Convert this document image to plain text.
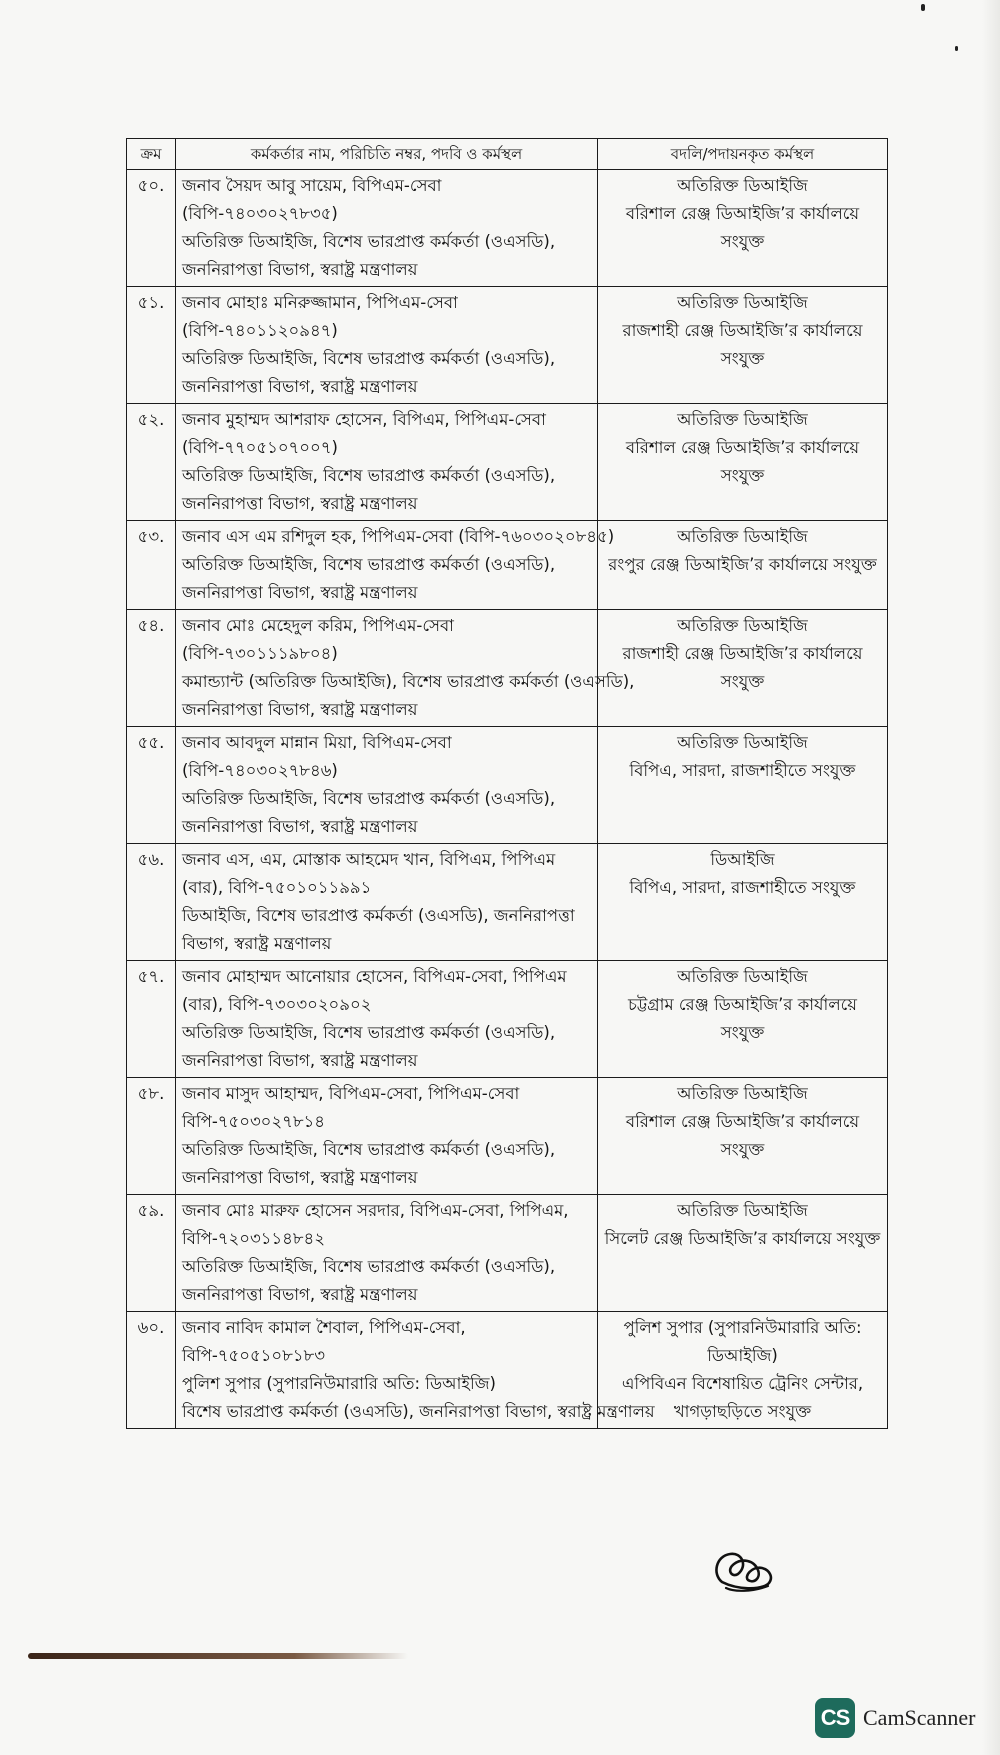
ক্রম	কর্মকর্তার নাম, পরিচিতি নম্বর, পদবি ও কর্মস্থল	বদলি/পদায়নকৃত কর্মস্থল
৫০.	জনাব সৈয়দ আবু সায়েম, বিপিএম-সেবা
(বিপি-৭৪০৩০২৭৮৩৫)
অতিরিক্ত ডিআইজি, বিশেষ ভারপ্রাপ্ত কর্মকর্তা (ওএসডি),
জননিরাপত্তা বিভাগ, স্বরাষ্ট্র মন্ত্রণালয়	অতিরিক্ত ডিআইজি
বরিশাল রেঞ্জ ডিআইজি’র কার্যালয়ে
সংযুক্ত

৫১.	জনাব মোহাঃ মনিরুজ্জামান, পিপিএম-সেবা
(বিপি-৭৪০১১২০৯৪৭)
অতিরিক্ত ডিআইজি, বিশেষ ভারপ্রাপ্ত কর্মকর্তা (ওএসডি),
জননিরাপত্তা বিভাগ, স্বরাষ্ট্র মন্ত্রণালয়	অতিরিক্ত ডিআইজি
রাজশাহী রেঞ্জ ডিআইজি’র কার্যালয়ে
সংযুক্ত

৫২.	জনাব মুহাম্মদ আশরাফ হোসেন, বিপিএম, পিপিএম-সেবা
(বিপি-৭৭০৫১০৭০০৭)
অতিরিক্ত ডিআইজি, বিশেষ ভারপ্রাপ্ত কর্মকর্তা (ওএসডি),
জননিরাপত্তা বিভাগ, স্বরাষ্ট্র মন্ত্রণালয়	অতিরিক্ত ডিআইজি
বরিশাল রেঞ্জ ডিআইজি’র কার্যালয়ে
সংযুক্ত

৫৩.	জনাব এস এম রশিদুল হক, পিপিএম-সেবা (বিপি-৭৬০৩০২০৮৪৫)
অতিরিক্ত ডিআইজি, বিশেষ ভারপ্রাপ্ত কর্মকর্তা (ওএসডি),
জননিরাপত্তা বিভাগ, স্বরাষ্ট্র মন্ত্রণালয়	অতিরিক্ত ডিআইজি
রংপুর রেঞ্জ ডিআইজি’র কার্যালয়ে সংযুক্ত

৫৪.	জনাব মোঃ মেহেদুল করিম, পিপিএম-সেবা
(বিপি-৭৩০১১১৯৮০৪)
কমান্ড্যান্ট (অতিরিক্ত ডিআইজি), বিশেষ ভারপ্রাপ্ত কর্মকর্তা (ওএসডি),
জননিরাপত্তা বিভাগ, স্বরাষ্ট্র মন্ত্রণালয়	অতিরিক্ত ডিআইজি
রাজশাহী রেঞ্জ ডিআইজি’র কার্যালয়ে
সংযুক্ত

৫৫.	জনাব আবদুল মান্নান মিয়া, বিপিএম-সেবা
(বিপি-৭৪০৩০২৭৮৪৬)
অতিরিক্ত ডিআইজি, বিশেষ ভারপ্রাপ্ত কর্মকর্তা (ওএসডি),
জননিরাপত্তা বিভাগ, স্বরাষ্ট্র মন্ত্রণালয়	অতিরিক্ত ডিআইজি
বিপিএ, সারদা, রাজশাহীতে সংযুক্ত

৫৬.	জনাব এস, এম, মোস্তাক আহমেদ খান, বিপিএম, পিপিএম
(বার), বিপি-৭৫০১০১১৯৯১
ডিআইজি, বিশেষ ভারপ্রাপ্ত কর্মকর্তা (ওএসডি), জননিরাপত্তা
বিভাগ, স্বরাষ্ট্র মন্ত্রণালয়	ডিআইজি
বিপিএ, সারদা, রাজশাহীতে সংযুক্ত

৫৭.	জনাব মোহাম্মদ আনোয়ার হোসেন, বিপিএম-সেবা, পিপিএম
(বার), বিপি-৭৩০৩০২০৯০২
অতিরিক্ত ডিআইজি, বিশেষ ভারপ্রাপ্ত কর্মকর্তা (ওএসডি),
জননিরাপত্তা বিভাগ, স্বরাষ্ট্র মন্ত্রণালয়	অতিরিক্ত ডিআইজি
চট্টগ্রাম রেঞ্জ ডিআইজি’র কার্যালয়ে সংযুক্ত

৫৮.	জনাব মাসুদ আহাম্মদ, বিপিএম-সেবা, পিপিএম-সেবা
বিপি-৭৫০৩০২৭৮১৪
অতিরিক্ত ডিআইজি, বিশেষ ভারপ্রাপ্ত কর্মকর্তা (ওএসডি),
জননিরাপত্তা বিভাগ, স্বরাষ্ট্র মন্ত্রণালয়	অতিরিক্ত ডিআইজি
বরিশাল রেঞ্জ ডিআইজি’র কার্যালয়ে
সংযুক্ত

৫৯.	জনাব মোঃ মারুফ হোসেন সরদার, বিপিএম-সেবা, পিপিএম,
বিপি-৭২০৩১১৪৮৪২
অতিরিক্ত ডিআইজি, বিশেষ ভারপ্রাপ্ত কর্মকর্তা (ওএসডি),
জননিরাপত্তা বিভাগ, স্বরাষ্ট্র মন্ত্রণালয়	অতিরিক্ত ডিআইজি
সিলেট রেঞ্জ ডিআইজি’র কার্যালয়ে সংযুক্ত

৬০.	জনাব নাবিদ কামাল শৈবাল, পিপিএম-সেবা,
বিপি-৭৫০৫১০৮১৮৩
পুলিশ সুপার (সুপারনিউমারারি অতি: ডিআইজি)
বিশেষ ভারপ্রাপ্ত কর্মকর্তা (ওএসডি), জননিরাপত্তা বিভাগ, স্বরাষ্ট্র মন্ত্রণালয়	পুলিশ সুপার (সুপারনিউমারারি অতি:
ডিআইজি)
এপিবিএন বিশেষায়িত ট্রেনিং সেন্টার,
খাগড়াছড়িতে সংযুক্ত
CS CamScanner
